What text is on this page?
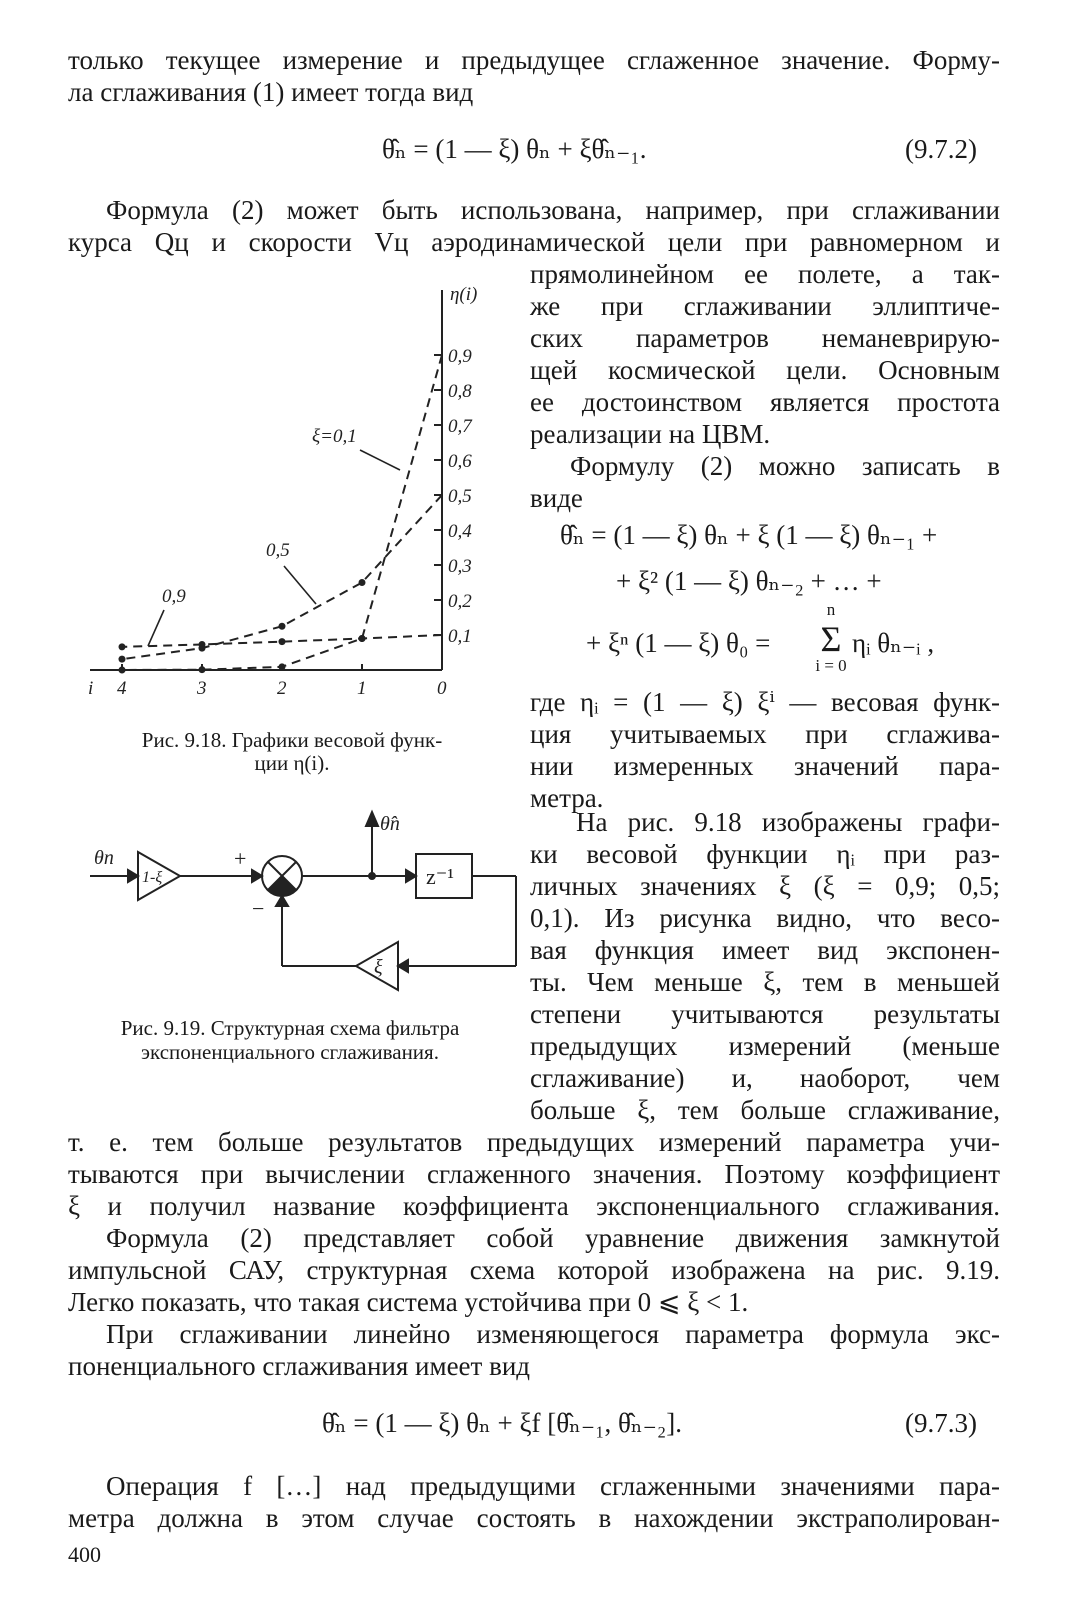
только текущее измерение и предыдущее сглаженное значение. Форму-
ла сглаживания (1) имеет тогда вид
θ̂ₙ = (1 — ξ) θₙ + ξθ̂ₙ₋₁.	(9.7.2)
Формула (2) может быть использована, например, при сглаживании
курса Qц и скорости Vц аэродинамической цели при равномерном и
прямолинейном ее полете, а так-
же при сглаживании эллиптиче-
ских параметров неманеврирую-
щей космической цели. Основным
ее достоинством является простота
реализации на ЦВМ.
Формулу (2) можно записать в
виде
θ̂ₙ = (1 — ξ) θₙ + ξ (1 — ξ) θₙ₋₁ +
+ ξ² (1 — ξ) θₙ₋₂ + … +
+ ξⁿ (1 — ξ) θ₀ =
n
Σ
i = 0
ηᵢ θₙ₋ᵢ ,
где ηᵢ = (1 — ξ) ξⁱ — весовая функ-
ция учитываемых при сглажива-
нии измеренных значений пара-
метра.
На рис. 9.18 изображены графи-
ки весовой функции ηᵢ при раз-
личных значениях ξ (ξ = 0,9; 0,5;
0,1). Из рисунка видно, что весо-
вая функция имеет вид экспонен-
ты. Чем меньше ξ, тем в меньшей
степени учитываются результаты
предыдущих измерений (меньше
сглаживание) и, наоборот, чем
больше ξ, тем больше сглаживание,
т. е. тем больше результатов предыдущих измерений параметра учи-
тываются при вычислении сглаженного значения. Поэтому коэффициент
ξ и получил название коэффициента экспоненциального сглаживания.
Формула (2) представляет собой уравнение движения замкнутой
импульсной САУ, структурная схема которой изображена на рис. 9.19.
Легко показать, что такая система устойчива при 0 ⩽ ξ < 1.
При сглаживании линейно изменяющегося параметра формула экс-
поненциального сглаживания имеет вид
θ̂ₙ = (1 — ξ) θₙ + ξf [θ̂ₙ₋₁, θ̂ₙ₋₂].	(9.7.3)
Операция f […] над предыдущими сглаженными значениями пара-
метра должна в этом случае состоять в нахождении экстраполирован-
400
0,1
0,2
0,3
0,4
0,5
0,6
0,7
0,8
0,9
η(i)
4	3	2	1	0
i
ξ=0,1
0,5
0,9
Рис. 9.18. Графики весовой функ-
ции η(i).
θn
1-ξ
+
−
θ̂n
z⁻¹
ξ
Рис. 9.19. Структурная схема фильтра
экспоненциального сглаживания.
